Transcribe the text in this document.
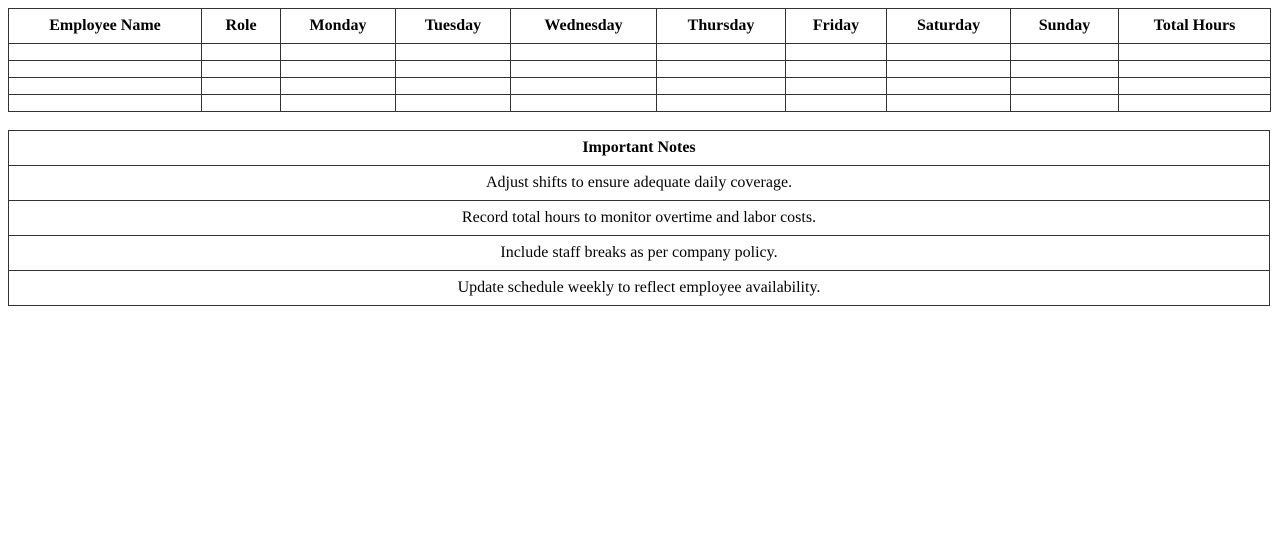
Employee Name	Role	Monday	Tuesday	Wednesday	Thursday	Friday	Saturday	Sunday	Total Hours

Important Notes
Adjust shifts to ensure adequate daily coverage.
Record total hours to monitor overtime and labor costs.
Include staff breaks as per company policy.
Update schedule weekly to reflect employee availability.
